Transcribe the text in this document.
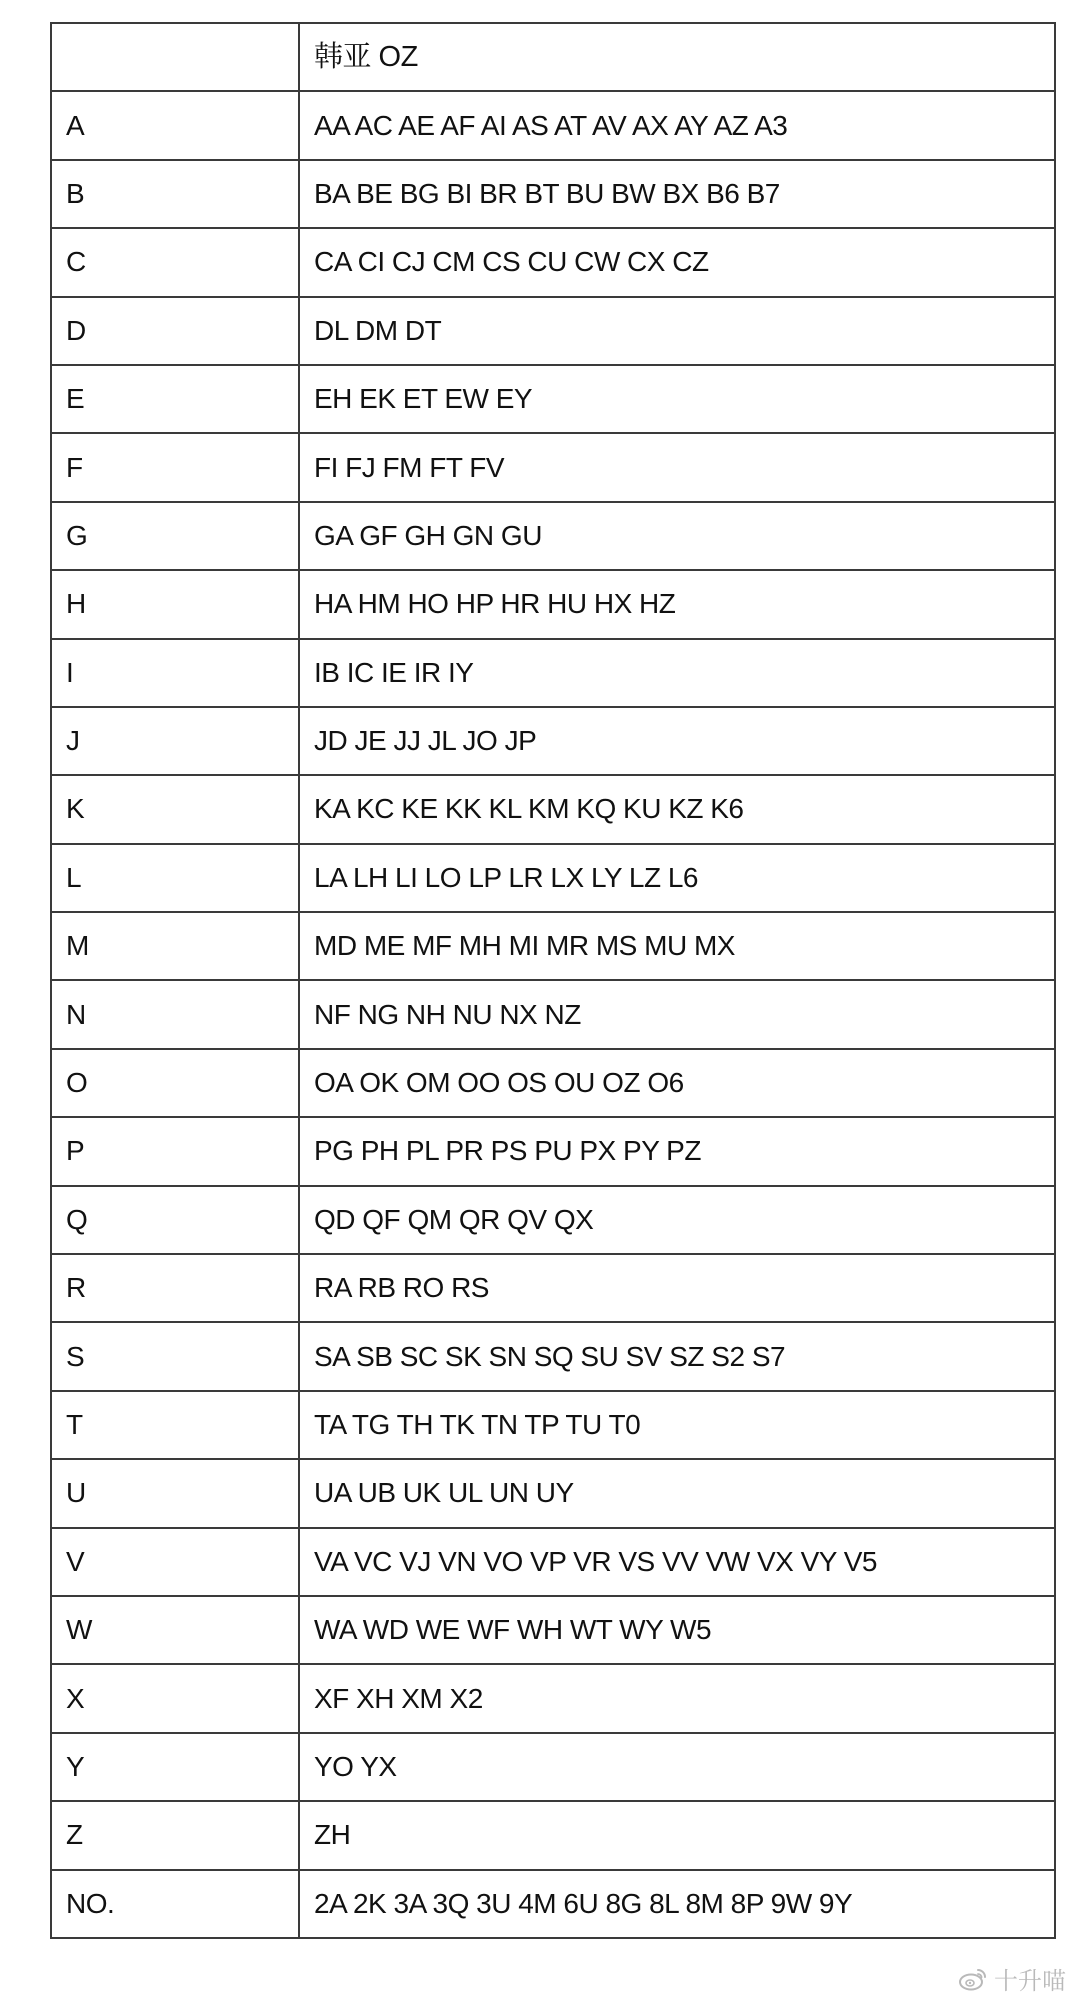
	韩亚 OZ
A	AA AC AE AF AI AS AT AV AX AY AZ A3
B	BA BE BG BI BR BT BU BW BX B6 B7
C	CA CI CJ CM CS CU CW CX CZ
D	DL DM DT
E	EH EK ET EW EY
F	FI FJ FM FT FV
G	GA GF GH GN GU
H	HA HM HO HP HR HU HX HZ
I	IB IC IE IR IY
J	JD JE JJ JL JO JP
K	KA KC KE KK KL KM KQ KU KZ K6
L	LA LH LI LO LP LR LX LY LZ L6
M	MD ME MF MH MI MR MS MU MX
N	NF NG NH NU NX NZ
O	OA OK OM OO OS OU OZ O6
P	PG PH PL PR PS PU PX PY PZ
Q	QD QF QM QR QV QX
R	RA RB RO RS
S	SA SB SC SK SN SQ SU SV SZ S2 S7
T	TA TG TH TK TN TP TU T0
U	UA UB UK UL UN UY
V	VA VC VJ VN VO VP VR VS VV VW VX VY V5
W	WA WD WE WF WH WT WY W5
X	XF XH XM X2
Y	YO YX
Z	ZH
NO.	2A 2K 3A 3Q 3U 4M 6U 8G 8L 8M 8P 9W 9Y
十升喵
